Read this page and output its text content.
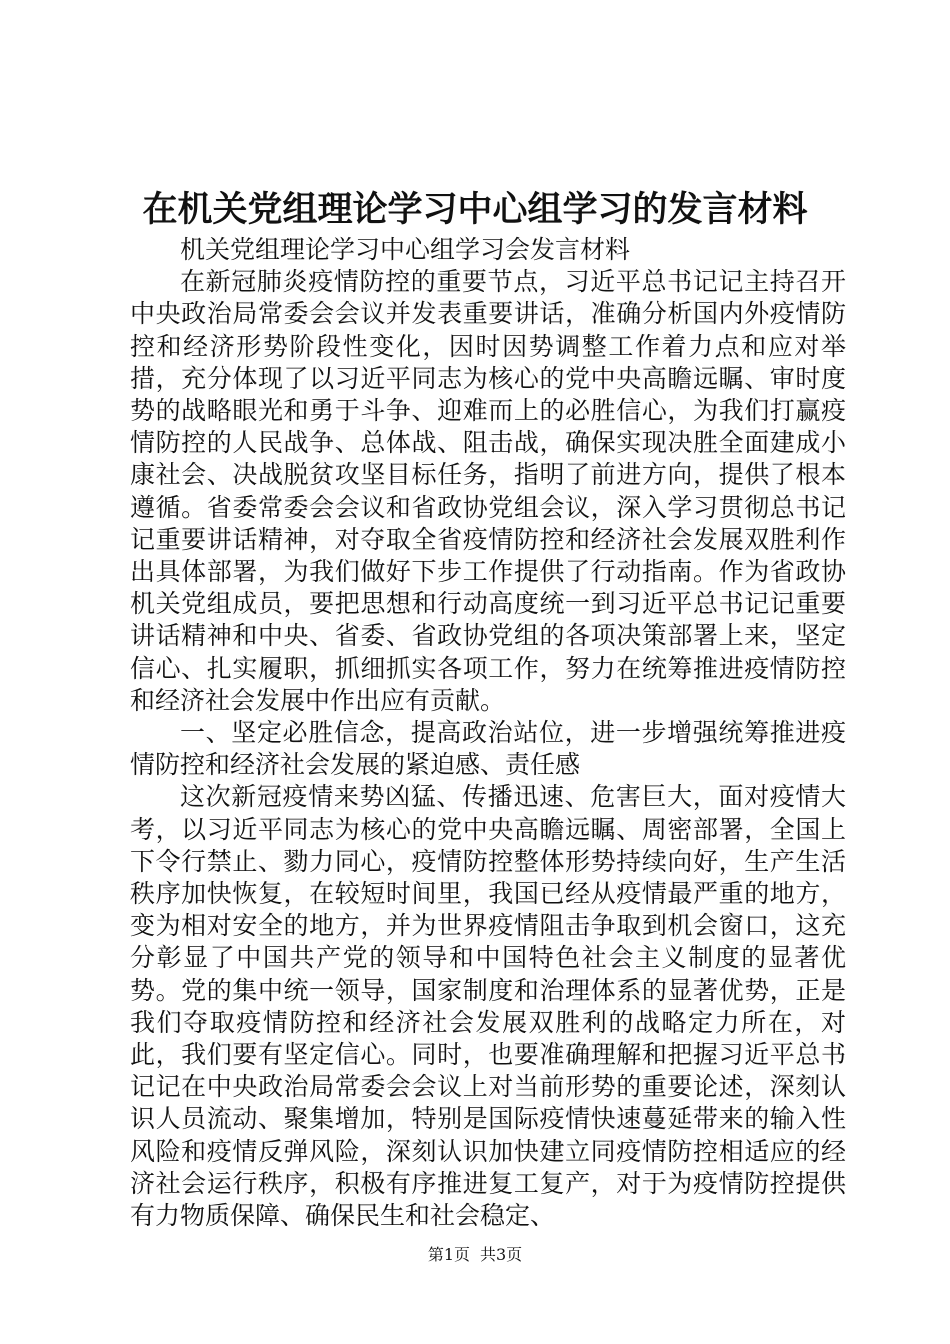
在机关党组理论学习中心组学习的发言材料

机关党组理论学习中心组学习会发言材料

在新冠肺炎疫情防控的重要节点，习近平总书记记主持召开中央政治局常委会会议并发表重要讲话，准确分析国内外疫情防控和经济形势阶段性变化，因时因势调整工作着力点和应对举措，充分体现了以习近平同志为核心的党中央高瞻远瞩、审时度势的战略眼光和勇于斗争、迎难而上的必胜信心，为我们打赢疫情防控的人民战争、总体战、阻击战，确保实现决胜全面建成小康社会、决战脱贫攻坚目标任务，指明了前进方向，提供了根本遵循。省委常委会会议和省政协党组会议，深入学习贯彻总书记记重要讲话精神，对夺取全省疫情防控和经济社会发展双胜利作出具体部署，为我们做好下步工作提供了行动指南。作为省政协机关党组成员，要把思想和行动高度统一到习近平总书记记重要讲话精神和中央、省委、省政协党组的各项决策部署上来，坚定信心、扎实履职，抓细抓实各项工作，努力在统筹推进疫情防控和经济社会发展中作出应有贡献。

一、坚定必胜信念，提高政治站位，进一步增强统筹推进疫情防控和经济社会发展的紧迫感、责任感

这次新冠疫情来势凶猛、传播迅速、危害巨大，面对疫情大考，以习近平同志为核心的党中央高瞻远瞩、周密部署，全国上下令行禁止、勠力同心，疫情防控整体形势持续向好，生产生活秩序加快恢复，在较短时间里，我国已经从疫情最严重的地方，变为相对安全的地方，并为世界疫情阻击争取到机会窗口，这充分彰显了中国共产党的领导和中国特色社会主义制度的显著优势。党的集中统一领导，国家制度和治理体系的显著优势，正是我们夺取疫情防控和经济社会发展双胜利的战略定力所在，对此，我们要有坚定信心。同时，也要准确理解和把握习近平总书记记在中央政治局常委会会议上对当前形势的重要论述，深刻认识人员流动、聚集增加，特别是国际疫情快速蔓延带来的输入性风险和疫情反弹风险，深刻认识加快建立同疫情防控相适应的经济社会运行秩序，积极有序推进复工复产，对于为疫情防控提供有力物质保障、确保民生和社会稳定、

第1页 共3页
